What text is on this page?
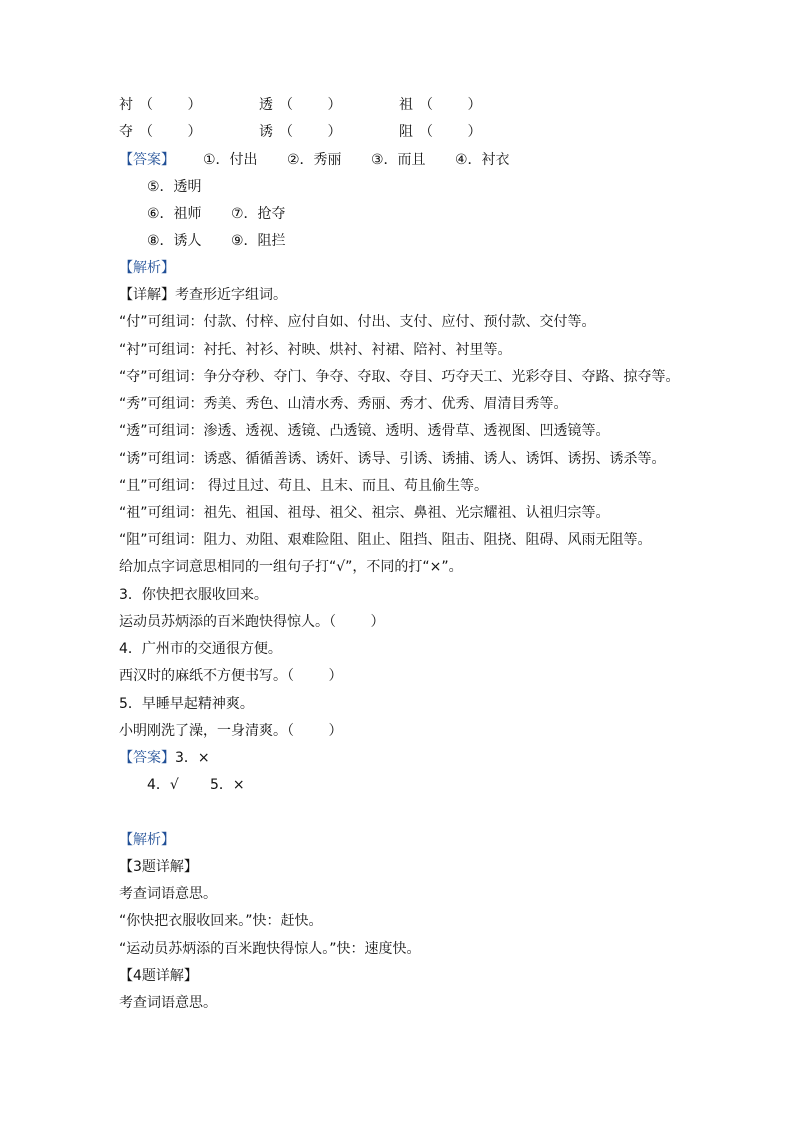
衬 （ ）	透 （ ）	祖 （ ）
夺 （ ）	诱 （ ）	阻 （ ）
【答案】 ①．付出 ②．秀丽 ③．而且 ④．衬衣
⑤．透明
⑥．祖师 ⑦．抢夺
⑧．诱人 ⑨．阻拦
【解析】
【详解】考查形近字组词。
“付”可组词：付款、付梓、应付自如、付出、支付、应付、预付款、交付等。
“衬”可组词：衬托、衬衫、衬映、烘衬、衬裙、陪衬、衬里等。
“夺”可组词：争分夺秒、夺门、争夺、夺取、夺目、巧夺天工、光彩夺目、夺路、掠夺等。
“秀”可组词：秀美、秀色、山清水秀、秀丽、秀才、优秀、眉清目秀等。
“透”可组词：渗透、透视、透镜、凸透镜、透明、透骨草、透视图、凹透镜等。
“诱”可组词：诱惑、循循善诱、诱奸、诱导、引诱、诱捕、诱人、诱饵、诱拐、诱杀等。
“且”可组词： 得过且过、苟且、且末、而且、苟且偷生等。
“祖”可组词：祖先、祖国、祖母、祖父、祖宗、鼻祖、光宗耀祖、认祖归宗等。
“阻”可组词：阻力、劝阻、艰难险阻、阻止、阻挡、阻击、阻挠、阻碍、风雨无阻等。
给加点字词意思相同的一组句子打“√”，不同的打“×”。
3．你快把衣服收回来。
运动员苏炳添的百米跑快得惊人。（ ）
4．广州市的交通很方便。
西汉时的麻纸不方便书写。（ ）
5．早睡早起精神爽。
小明刚洗了澡，一身清爽。（ ）
【答案】 3．×
4．√ 5．×
【解析】
【3题详解】
考查词语意思。
“你快把衣服收回来。”快：赶快。
“运动员苏炳添的百米跑快得惊人。”快：速度快。
【4题详解】
考查词语意思。
